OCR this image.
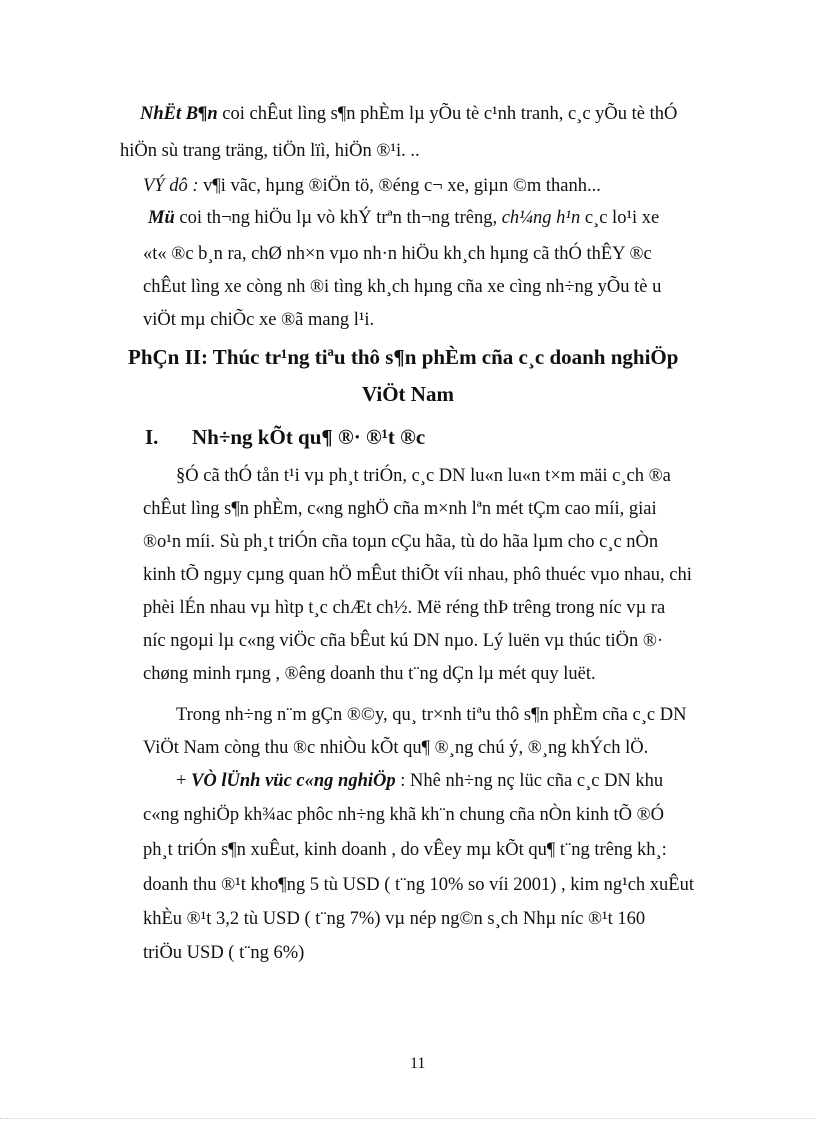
NhËt B¶n coi chÊut lìng s¶n phÈm lµ yÕu tè c¹nh tranh, c¸c yÕu tè thÓ
hiÖn sù trang träng, tiÖn lïì, hiÖn ®¹i. ..
VÝ dô : v¶i vãc, hµng ®iÖn tö, ®éng c¬ xe, giµn ©m thanh...
Mü coi th¬ng hiÖu lµ vò khÝ trªn th¬ng trêng, ch¼ng h¹n c¸c lo¹i xe
«t« ®c b¸n ra, chØ nh×n vµo nh·n hiÖu kh¸ch hµng cã thÓ thÊY ®c
chÊut lìng xe còng nh ®i tìng kh¸ch hµng cña xe cìng nh÷ng yÕu tè u
viÖt mµ chiÕc xe ®ã mang l¹i.
PhÇn II: Thúc tr¹ng tiªu thô s¶n phÈm cña c¸c doanh nghiÖp
ViÖt Nam
I. Nh÷ng kÕt qu¶ ®· ®¹t ®c
§Ó cã thÓ tån t¹i vµ ph¸t triÓn, c¸c DN lu«n lu«n t×m mäi c¸ch ®a
chÊut lìng s¶n phÈm, c«ng nghÖ cña m×nh lªn mét tÇm cao míi, giai
®o¹n míi. Sù ph¸t triÓn cña toµn cÇu hãa, tù do hãa lµm cho c¸c nÒn
kinh tÕ ngµy cµng quan hÖ mÊut thiÕt víi nhau, phô thuéc vµo nhau, chi
phèi lÉn nhau vµ hìtp t¸c chÆt ch½. Më réng thÞ trêng trong níc vµ ra
níc ngoµi lµ c«ng viÖc cña bÊut kú DN nµo. Lý luën vµ thúc tiÖn ®·
chøng minh rµng , ®êng doanh thu t¨ng dÇn lµ mét quy luët.
Trong nh÷ng n¨m gÇn ®©y, qu¸ tr×nh tiªu thô s¶n phÈm cña c¸c DN
ViÖt Nam còng thu ®c nhiÒu kÕt qu¶ ®¸ng chú ý, ®¸ng khÝch lÖ.
+ VÒ lÜnh vüc c«ng nghiÖp : Nhê nh÷ng nç lüc cña c¸c DN khu
c«ng nghiÖp kh¾ac phôc nh÷ng khã kh¨n chung cña nÒn kinh tÕ ®Ó
ph¸t triÓn s¶n xuÊut, kinh doanh , do vÊey mµ kÕt qu¶ t¨ng trêng kh¸:
doanh thu ®¹t kho¶ng 5 tù USD ( t¨ng 10% so víi 2001) , kim ng¹ch xuÊut
khÈu ®¹t 3,2 tù USD ( t¨ng 7%) vµ nép ng©n s¸ch Nhµ níc ®¹t 160
triÖu USD ( t¨ng 6%)
11
